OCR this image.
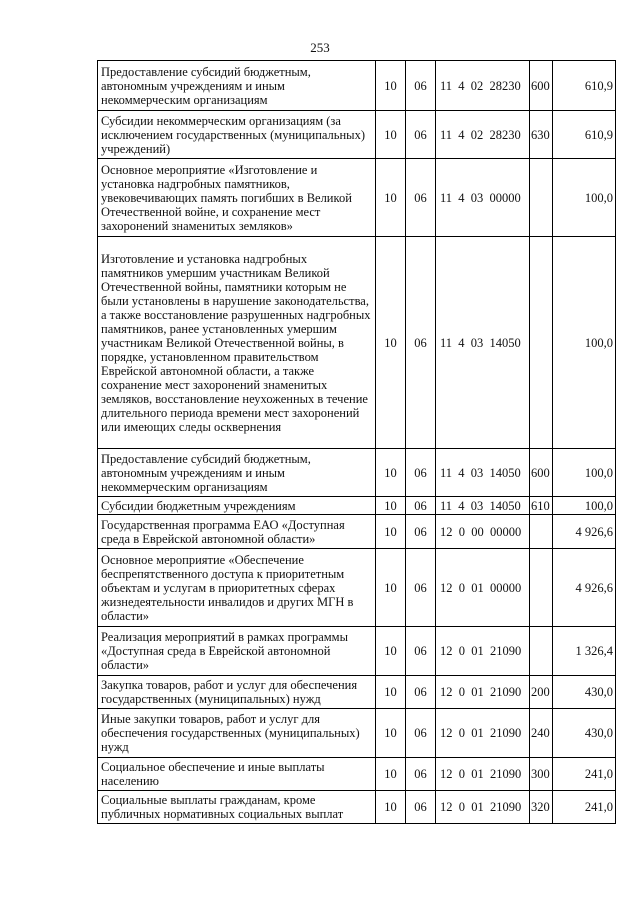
253
Предоставление субсидий бюджетным, автономным учреждениям и иным некоммерческим организациям	10	06	11  4  02  28230	600	610,9
Субсидии некоммерческим организациям (за исключением государственных (муниципальных) учреждений)	10	06	11  4  02  28230	630	610,9
Основное мероприятие «Изготовление и установка надгробных памятников, увековечивающих память погибших в Великой Отечественной войне, и сохранение мест захоронений знаменитых земляков»	10	06	11  4  03  00000		100,0
Изготовление и установка надгробных памятников умершим участникам Великой Отечественной войны, памятники которым не были установлены в нарушение законодательства, а также восстановление разрушенных надгробных памятников, ранее установленных умершим участникам Великой Отечественной войны, в порядке, установленном правительством Еврейской автономной области, а также сохранение мест захоронений знаменитых земляков, восстановление неухоженных в течение длительного периода времени мест захоронений или имеющих следы осквернения	10	06	11  4  03  14050		100,0
Предоставление субсидий бюджетным, автономным учреждениям и иным некоммерческим организациям	10	06	11  4  03  14050	600	100,0
Субсидии бюджетным учреждениям	10	06	11  4  03  14050	610	100,0
Государственная программа ЕАО «Доступная среда в Еврейской автономной области»	10	06	12  0  00  00000		4 926,6
Основное мероприятие «Обеспечение беспрепятственного доступа к приоритетным объектам и услугам в приоритетных сферах жизнедеятельности инвалидов и других МГН в области»	10	06	12  0  01  00000		4 926,6
Реализация мероприятий в рамках программы «Доступная среда в Еврейской автономной области»	10	06	12  0  01  21090		1 326,4
Закупка товаров, работ и услуг для обеспечения государственных (муниципальных) нужд	10	06	12  0  01  21090	200	430,0
Иные закупки товаров, работ и услуг для обеспечения государственных (муниципальных) нужд	10	06	12  0  01  21090	240	430,0
Социальное обеспечение и иные выплаты населению	10	06	12  0  01  21090	300	241,0
Социальные выплаты гражданам, кроме публичных нормативных социальных выплат	10	06	12  0  01  21090	320	241,0
